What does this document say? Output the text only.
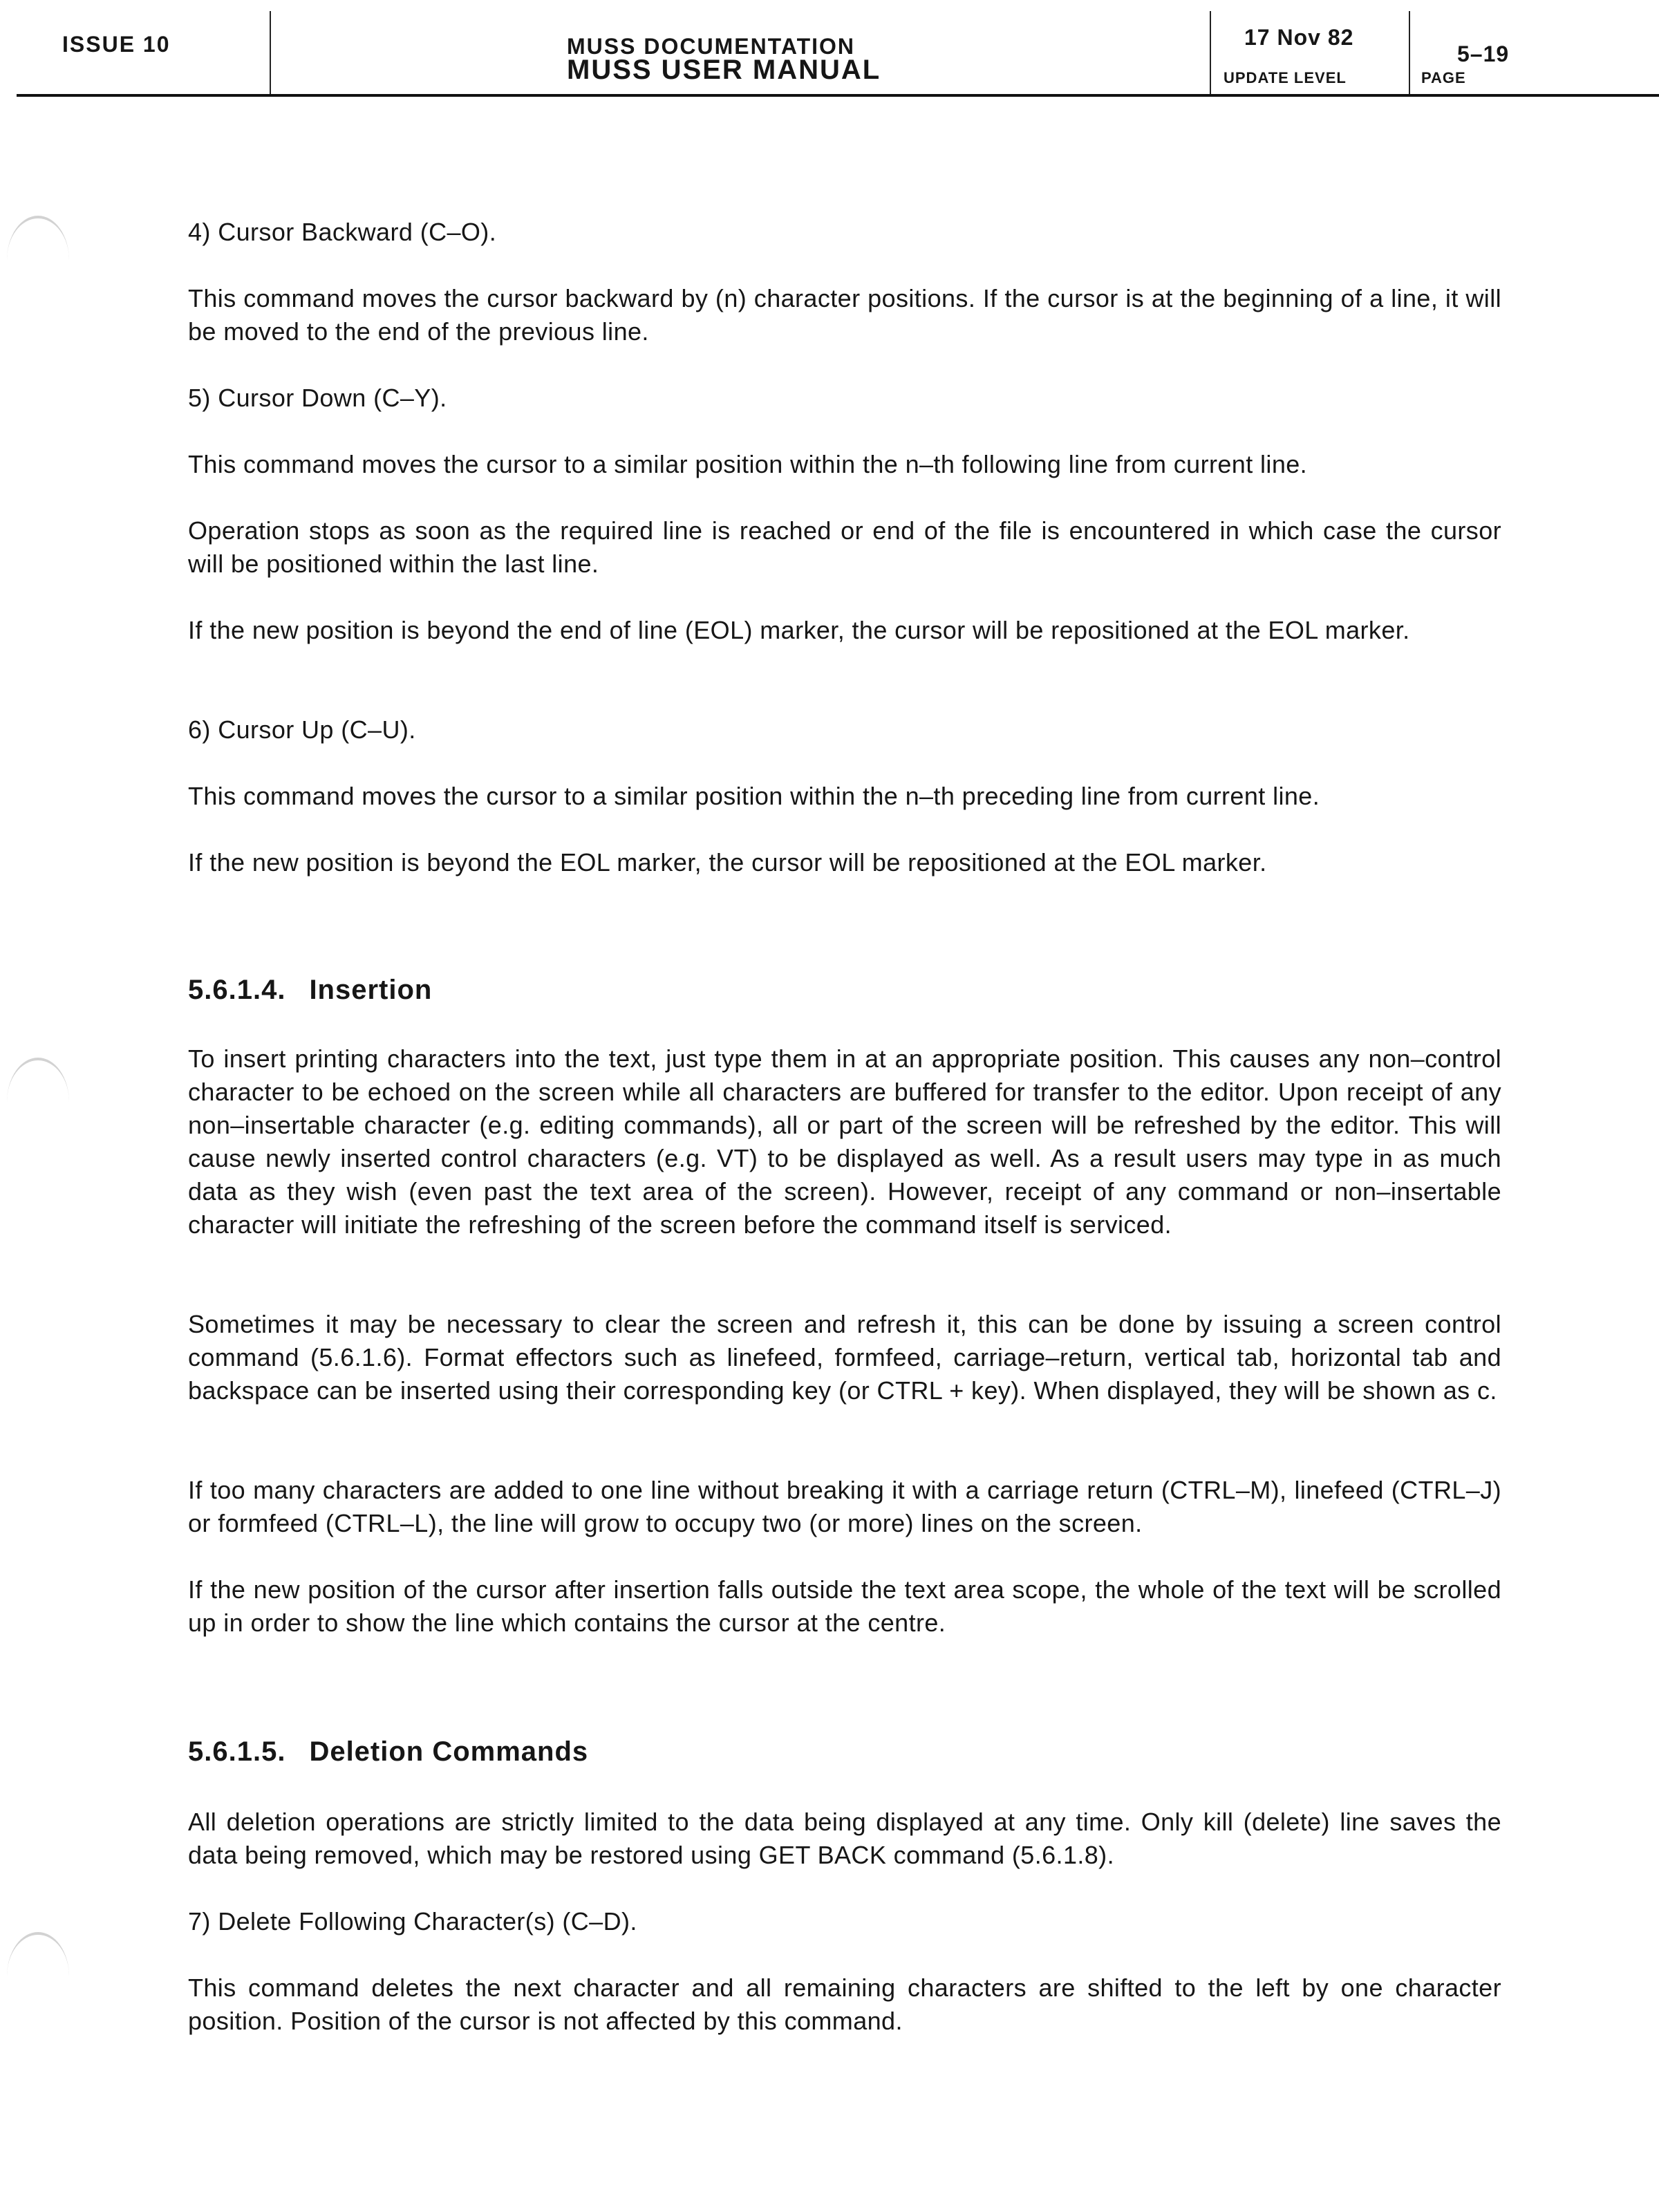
ISSUE 10	MUSS DOCUMENTATION
MUSS USER MANUAL
17 Nov 82
UPDATE LEVEL
5–19
PAGE

4) Cursor Backward (C–O).

This command moves the cursor backward by (n) character positions. If the cursor is at the beginning of a line, it will be moved to the end of the previous line.

5) Cursor Down (C–Y).

This command moves the cursor to a similar position within the n–th following line from current line.

Operation stops as soon as the required line is reached or end of the file is encountered in which case the cursor will be positioned within the last line.

If the new position is beyond the end of line (EOL) marker, the cursor will be repositioned at the EOL marker.

6) Cursor Up (C–U).

This command moves the cursor to a similar position within the n–th preceding line from current line.

If the new position is beyond the EOL marker, the cursor will be repositioned at the EOL marker.

5.6.1.4. Insertion

To insert printing characters into the text, just type them in at an appropriate position. This causes any non–control character to be echoed on the screen while all characters are buffered for transfer to the editor. Upon receipt of any non–insertable character (e.g. editing commands), all or part of the screen will be refreshed by the editor. This will cause newly inserted control characters (e.g. VT) to be displayed as well. As a result users may type in as much data as they wish (even past the text area of the screen). However, receipt of any command or non–insertable character will initiate the refreshing of the screen before the command itself is serviced.

Sometimes it may be necessary to clear the screen and refresh it, this can be done by issuing a screen control command (5.6.1.6). Format effectors such as linefeed, formfeed, carriage–return, vertical tab, horizontal tab and backspace can be inserted using their corresponding key (or CTRL + key). When displayed, they will be shown as c.

If too many characters are added to one line without breaking it with a carriage return (CTRL–M), linefeed (CTRL–J) or formfeed (CTRL–L), the line will grow to occupy two (or more) lines on the screen.

If the new position of the cursor after insertion falls outside the text area scope, the whole of the text will be scrolled up in order to show the line which contains the cursor at the centre.

5.6.1.5. Deletion Commands

All deletion operations are strictly limited to the data being displayed at any time. Only kill (delete) line saves the data being removed, which may be restored using GET BACK command (5.6.1.8).

7) Delete Following Character(s) (C–D).

This command deletes the next character and all remaining characters are shifted to the left by one character position. Position of the cursor is not affected by this command.
